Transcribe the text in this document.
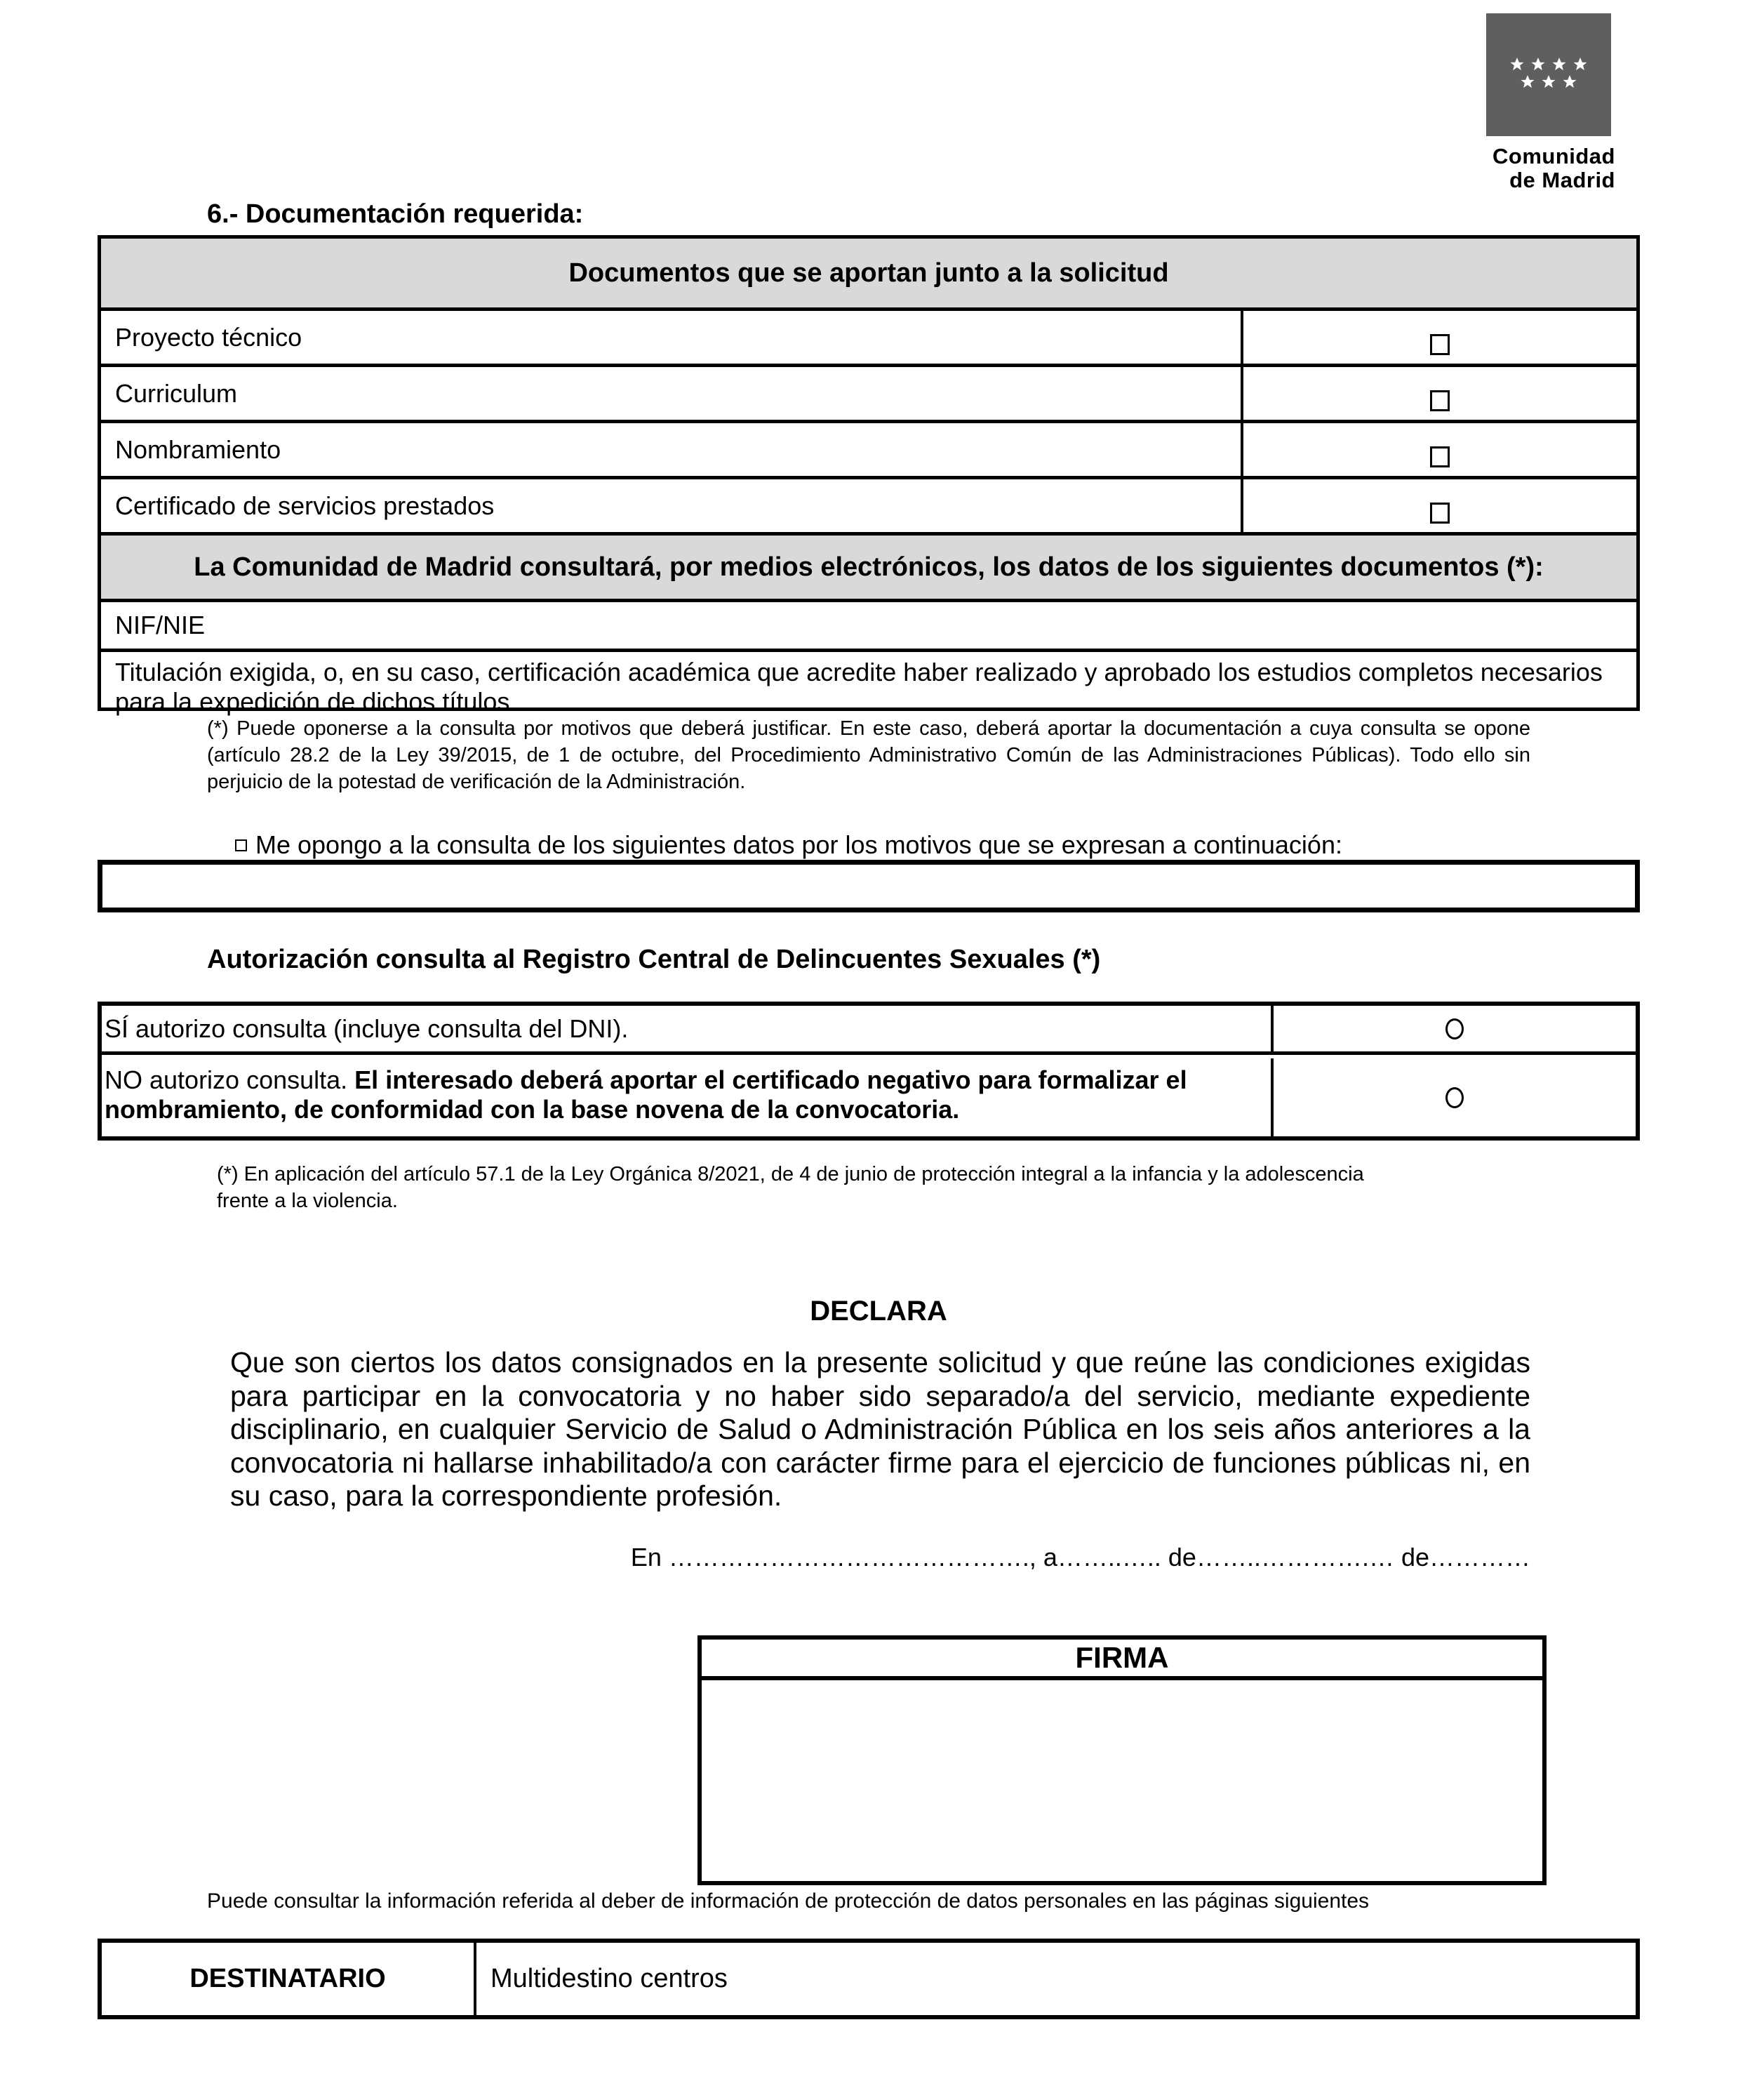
Comunidad
de Madrid
6.- Documentación requerida:
Documentos que se aportan junto a la solicitud
Proyecto técnico
Curriculum
Nombramiento
Certificado de servicios prestados
La Comunidad de Madrid consultará, por medios electrónicos, los datos de los siguientes documentos (*):
NIF/NIE
Titulación exigida, o, en su caso, certificación académica que acredite haber realizado y aprobado los estudios completos necesarios para la expedición de dichos títulos
(*) Puede oponerse a la consulta por motivos que deberá justificar. En este caso, deberá aportar la documentación a cuya consulta se opone (artículo 28.2 de la Ley 39/2015, de 1 de octubre, del Procedimiento Administrativo Común de las Administraciones Públicas). Todo ello sin perjuicio de la potestad de verificación de la Administración.
Me opongo a la consulta de los siguientes datos por los motivos que se expresan a continuación:
Autorización consulta al Registro Central de Delincuentes Sexuales (*)
SÍ autorizo consulta (incluye consulta del DNI).
NO autorizo consulta. El interesado deberá aportar el certificado negativo para formalizar el nombramiento, de conformidad con la base novena de la convocatoria.
(*) En aplicación del artículo 57.1 de la Ley Orgánica 8/2021, de 4 de junio de protección integral a la infancia y la adolescencia frente a la violencia.
DECLARA
Que son ciertos los datos consignados en la presente solicitud y que reúne las condiciones exigidas para participar en la convocatoria y no haber sido separado/a del servicio, mediante expediente disciplinario, en cualquier Servicio de Salud o Administración Pública en los seis años anteriores a la convocatoria ni hallarse inhabilitado/a con carácter firme para el ejercicio de funciones públicas ni, en su caso, para la correspondiente profesión.
En ……………………………………., a……..….. de……..………….… de…………
FIRMA
Puede consultar la información referida al deber de información de protección de datos personales en las páginas siguientes
DESTINATARIO	Multidestino centros
